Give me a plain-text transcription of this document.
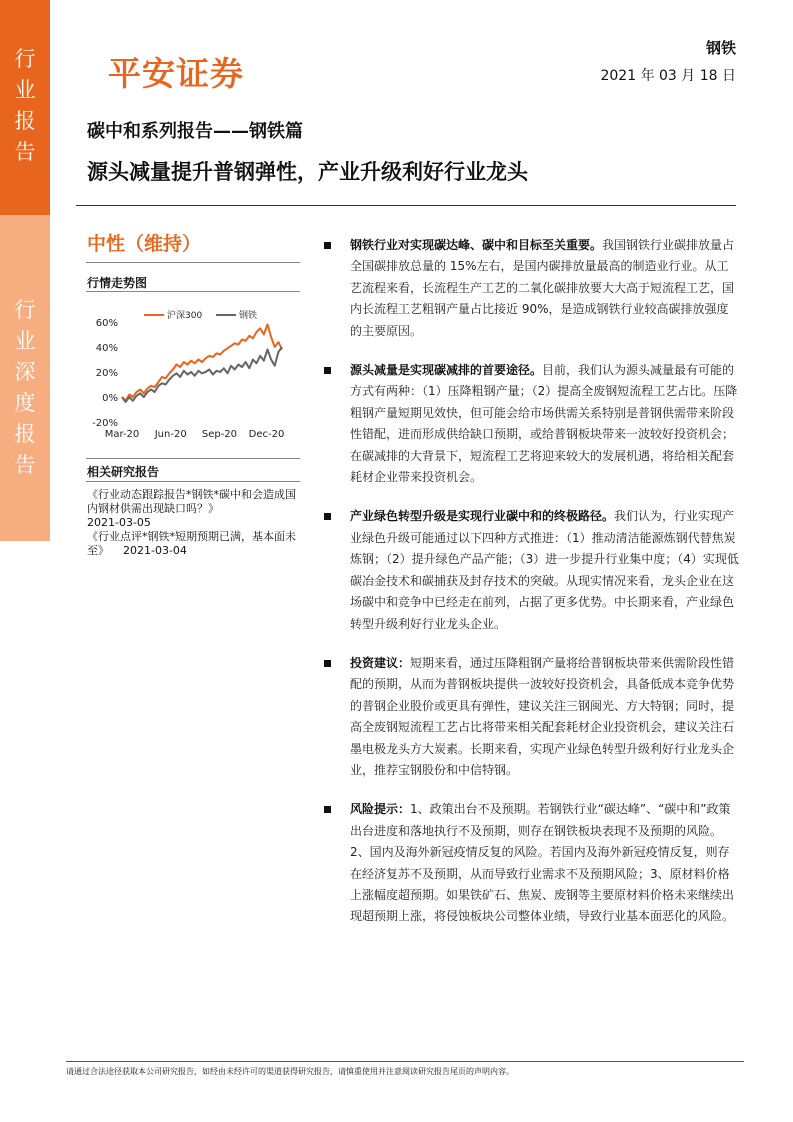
行业报告
行业深度报告
平安证券
钢铁
2021 年 03 月 18 日
碳中和系列报告——钢铁篇
源头减量提升普钢弹性，产业升级利好行业龙头
中性（维持）
行情走势图
60%
40%
20%
0%
-20%
Mar-20 Jun-20 Sep-20 Dec-20
沪深300	钢铁
相关研究报告
《行业动态跟踪报告*钢铁*碳中和会造成国内钢材供需出现缺口吗？》
2021-03-05
《行业点评*钢铁*短期预期已满，基本面未至》 2021-03-04
钢铁行业对实现碳达峰、碳中和目标至关重要。我国钢铁行业碳排放量占全国碳排放总量的 15%左右，是国内碳排放量最高的制造业行业。从工艺流程来看，长流程生产工艺的二氧化碳排放要大大高于短流程工艺，国内长流程工艺粗钢产量占比接近 90%，是造成钢铁行业较高碳排放强度的主要原因。
源头减量是实现碳减排的首要途径。目前，我们认为源头减量最有可能的方式有两种：（1）压降粗钢产量；（2）提高全废钢短流程工艺占比。压降粗钢产量短期见效快，但可能会给市场供需关系特别是普钢供需带来阶段性错配，进而形成供给缺口预期，或给普钢板块带来一波较好投资机会；在碳减排的大背景下，短流程工艺将迎来较大的发展机遇，将给相关配套耗材企业带来投资机会。
产业绿色转型升级是实现行业碳中和的终极路径。我们认为，行业实现产业绿色升级可能通过以下四种方式推进：（1）推动清洁能源炼钢代替焦炭炼钢；（2）提升绿色产品产能；（3）进一步提升行业集中度；（4）实现低碳冶金技术和碳捕获及封存技术的突破。从现实情况来看，龙头企业在这场碳中和竞争中已经走在前列，占据了更多优势。中长期来看，产业绿色转型升级利好行业龙头企业。
投资建议：短期来看，通过压降粗钢产量将给普钢板块带来供需阶段性错配的预期，从而为普钢板块提供一波较好投资机会，具备低成本竞争优势的普钢企业股价或更具有弹性，建议关注三钢闽光、方大特钢；同时，提高全废钢短流程工艺占比将带来相关配套耗材企业投资机会，建议关注石墨电极龙头方大炭素。长期来看，实现产业绿色转型升级利好行业龙头企业，推荐宝钢股份和中信特钢。
风险提示：1、政策出台不及预期。若钢铁行业“碳达峰”、“碳中和”政策出台进度和落地执行不及预期，则存在钢铁板块表现不及预期的风险。2、国内及海外新冠疫情反复的风险。若国内及海外新冠疫情反复，则存在经济复苏不及预期，从而导致行业需求不及预期风险；3、原材料价格上涨幅度超预期。如果铁矿石、焦炭、废钢等主要原材料价格未来继续出现超预期上涨，将侵蚀板块公司整体业绩，导致行业基本面恶化的风险。
请通过合法途径获取本公司研究报告，如经由未经许可的渠道获得研究报告，请慎重使用并注意阅读研究报告尾页的声明内容。
